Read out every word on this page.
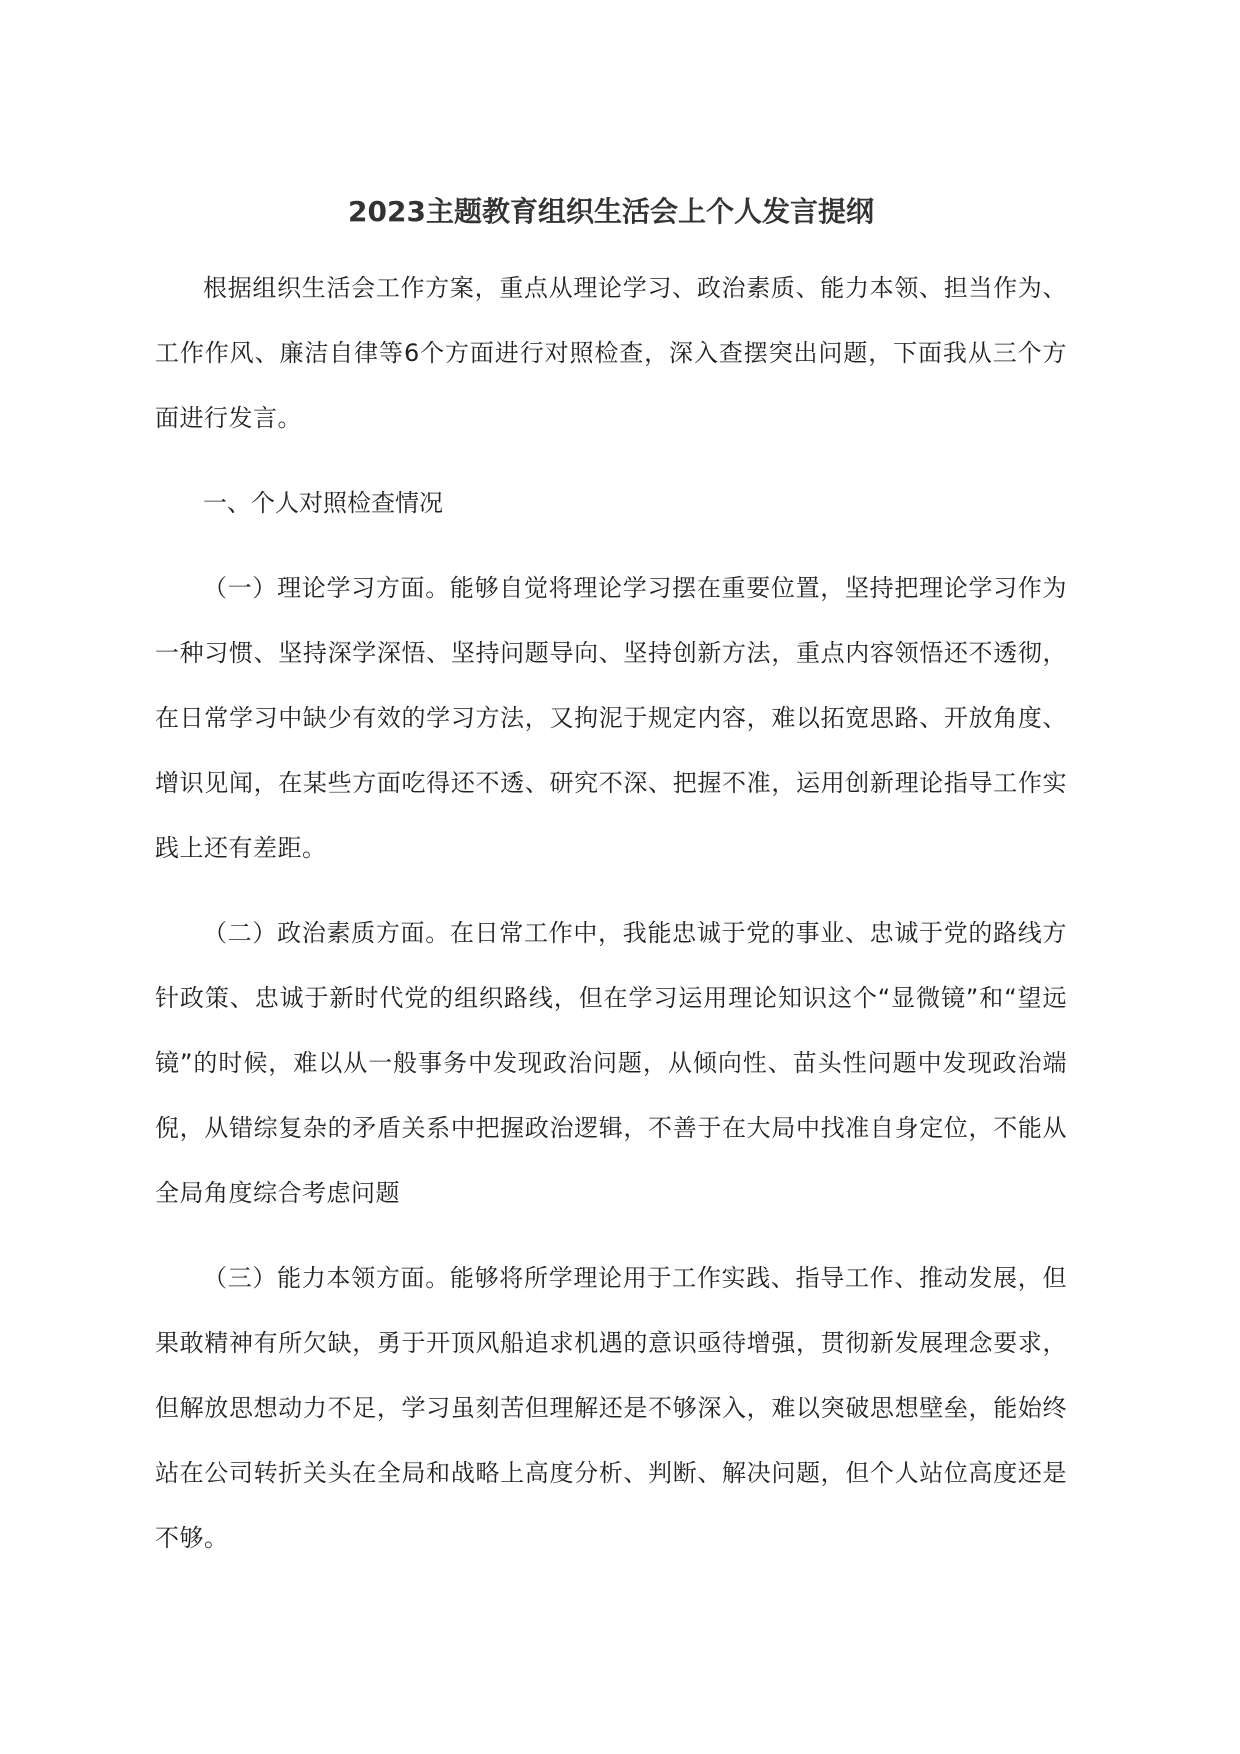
2023主题教育组织生活会上个人发言提纲

根据组织生活会工作方案，重点从理论学习、政治素质、能力本领、担当作为、工作作风、廉洁自律等6个方面进行对照检查，深入查摆突出问题，下面我从三个方面进行发言。

一、个人对照检查情况

（一）理论学习方面。能够自觉将理论学习摆在重要位置，坚持把理论学习作为一种习惯、坚持深学深悟、坚持问题导向、坚持创新方法，重点内容领悟还不透彻，在日常学习中缺少有效的学习方法，又拘泥于规定内容，难以拓宽思路、开放角度、增识见闻，在某些方面吃得还不透、研究不深、把握不准，运用创新理论指导工作实践上还有差距。

（二）政治素质方面。在日常工作中，我能忠诚于党的事业、忠诚于党的路线方针政策、忠诚于新时代党的组织路线，但在学习运用理论知识这个“显微镜”和“望远镜”的时候，难以从一般事务中发现政治问题，从倾向性、苗头性问题中发现政治端倪，从错综复杂的矛盾关系中把握政治逻辑，不善于在大局中找准自身定位，不能从全局角度综合考虑问题

（三）能力本领方面。能够将所学理论用于工作实践、指导工作、推动发展，但果敢精神有所欠缺，勇于开顶风船追求机遇的意识亟待增强，贯彻新发展理念要求，但解放思想动力不足，学习虽刻苦但理解还是不够深入，难以突破思想壁垒，能始终站在公司转折关头在全局和战略上高度分析、判断、解决问题，但个人站位高度还是不够。
